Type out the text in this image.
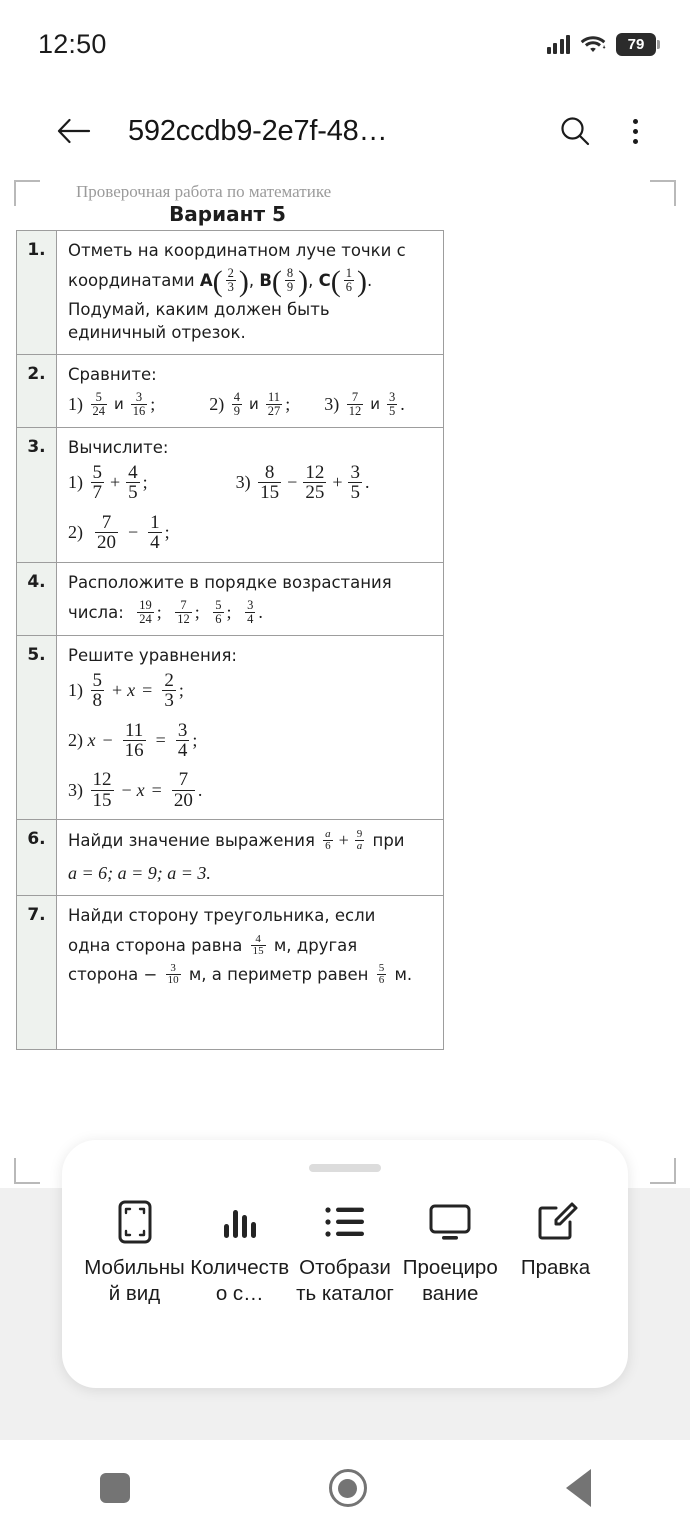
12:50	79
592ccdb9-2e7f-48…
Проверочная работа по математике
Вариант 5
1.	Отметь на координатном луче точки с

координатами
A ( $\frac{2}{3}$ ) , B ( $\frac{8}{9}$ ) , C ( $\frac{1}{6}$ ) .

Подумай, каким должен быть

единичный отрезок.

2.	Сравните:

1)
$\frac{5}{24}$ и $\frac{3}{16}$ ;	2)
$\frac{4}{9}$ и $\frac{11}{27}$ ; 3)
$\frac{7}{12}$ и $\frac{3}{5}$ .

3.	Вычислите:

1)
$\frac{5}{7} + \frac{4}{5}$ ;	3)
$\frac{8}{15} - \frac{12}{25} + \frac{3}{5}$ .

2)
$\frac{7}{20} - \frac{1}{4}$ ;

4.	Расположите в порядке возрастания

числа:
$\frac{19}{24}$ ;
$\frac{7}{12}$ ;
$\frac{5}{6}$ ;
$\frac{3}{4}$ .

5.	Решите уравнения:

1)
$\frac{5}{8} + x = \frac{2}{3}$ ;

2)
$x - \frac{11}{16} = \frac{3}{4}$ ;

3)
$\frac{12}{15} - x = \frac{7}{20}$ .

6.	Найди значение выражения
$\frac{a}{6} + \frac{9}{a}$
при

a = 6; a = 9; a = 3.

7.	Найди сторону треугольника, если

одна сторона равна
$\frac{4}{15}$
м, другая

сторона −
$\frac{3}{10}$
м, а периметр равен
$\frac{5}{6}$
м.

Мобильный вид
Количество с…
Отобразить каталог
Проецирование
Правка
